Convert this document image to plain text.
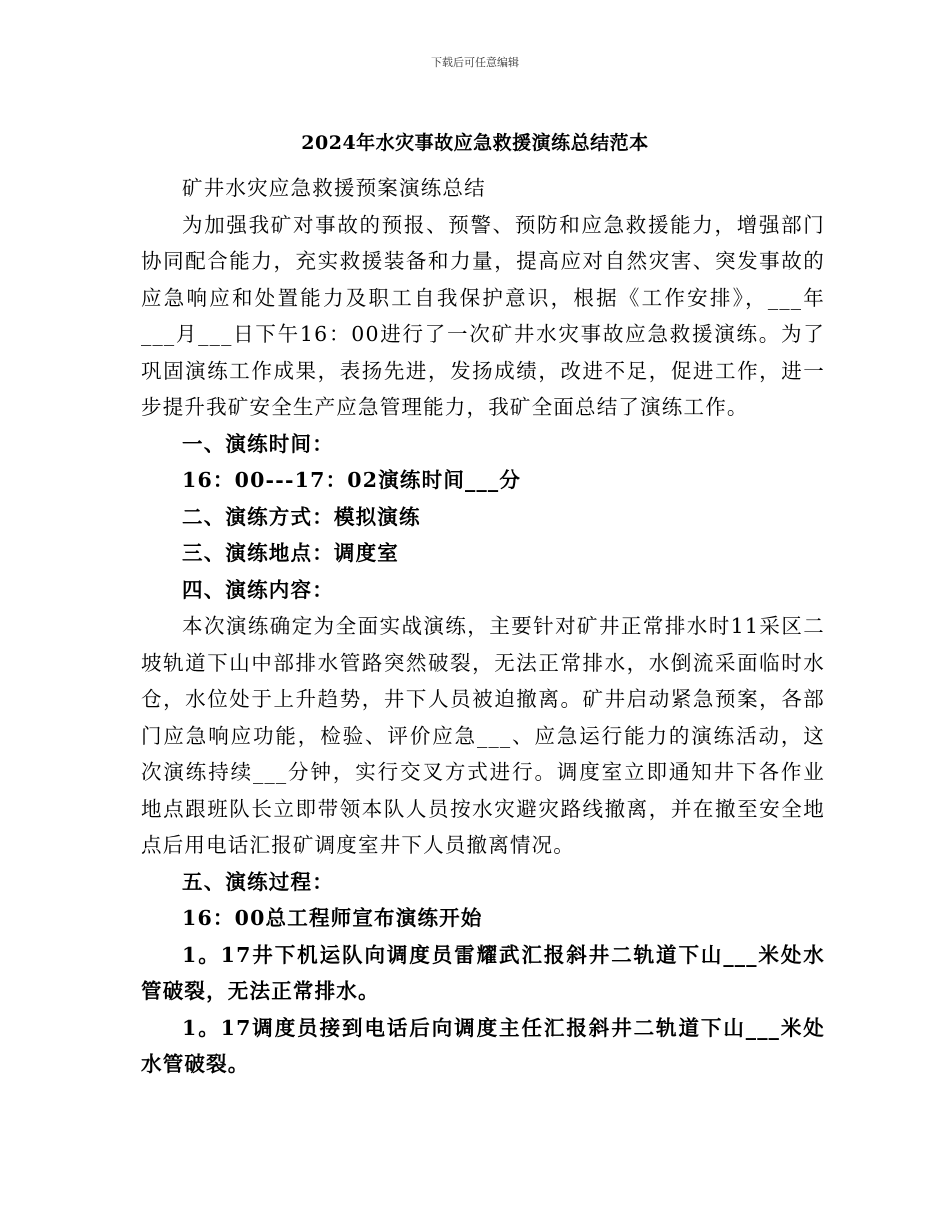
下载后可任意编辑
2024年水灾事故应急救援演练总结范本

矿井水灾应急救援预案演练总结

为加强我矿对事故的预报、预警、预防和应急救援能力，增强部门协同配合能力，充实救援装备和力量，提高应对自然灾害、突发事故的应急响应和处置能力及职工自我保护意识，根据《工作安排》，___年___月___日下午16：00进行了一次矿井水灾事故应急救援演练。为了巩固演练工作成果，表扬先进，发扬成绩，改进不足，促进工作，进一步提升我矿安全生产应急管理能力，我矿全面总结了演练工作。

一、演练时间：

16：00---17：02演练时间___分

二、演练方式：模拟演练

三、演练地点：调度室

四、演练内容：

本次演练确定为全面实战演练，主要针对矿井正常排水时11采区二坡轨道下山中部排水管路突然破裂，无法正常排水，水倒流采面临时水仓，水位处于上升趋势，井下人员被迫撤离。矿井启动紧急预案，各部门应急响应功能，检验、评价应急___、应急运行能力的演练活动，这次演练持续___分钟，实行交叉方式进行。调度室立即通知井下各作业地点跟班队长立即带领本队人员按水灾避灾路线撤离，并在撤至安全地点后用电话汇报矿调度室井下人员撤离情况。

五、演练过程：

16：00总工程师宣布演练开始

1。17井下机运队向调度员雷耀武汇报斜井二轨道下山___米处水管破裂，无法正常排水。

1。17调度员接到电话后向调度主任汇报斜井二轨道下山___米处水管破裂。
